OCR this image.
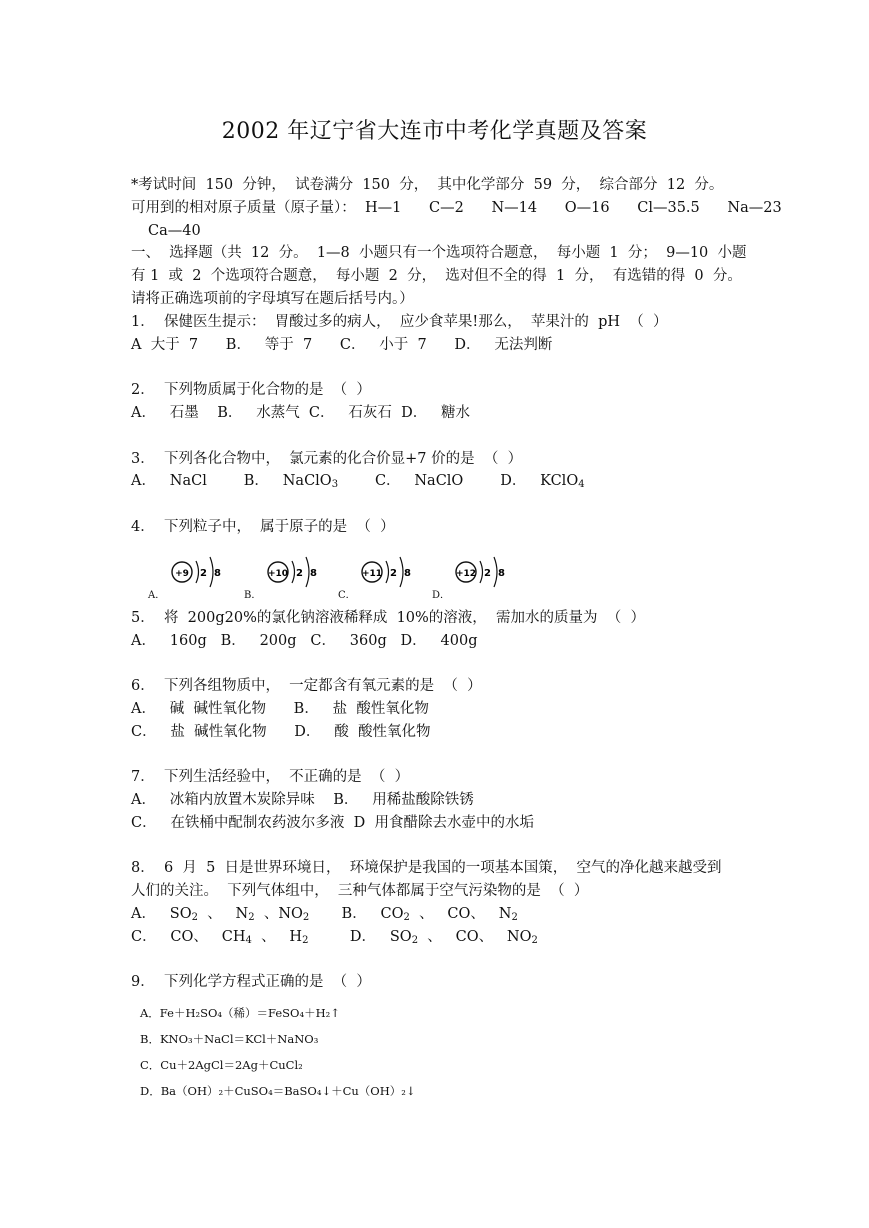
2002 年辽宁省大连市中考化学真题及答案
*考试时间  150  分钟，  试卷满分  150  分，  其中化学部分  59  分，  综合部分  12  分。
可用到的相对原子质量（原子量）：  H—1      C—2      N—14      O—16      Cl—35.5      Na—23
Ca—40
一、  选择题（共  12  分。  1—8  小题只有一个选项符合题意，  每小题  1  分；  9—10  小题
有 1  或  2  个选项符合题意，  每小题  2  分，  选对但不全的得  1  分，  有选错的得  0  分。
请将正确选项前的字母填写在题后括号内。）
1．  保健医生提示：  胃酸过多的病人，  应少食苹果!那么，  苹果汁的  pH  （  ）
A  大于  7      B．   等于  7      C．   小于  7      D．   无法判断
2．  下列物质属于化合物的是  （  ）
A．   石墨    B．   水蒸气  C．   石灰石  D．   糖水
3．  下列各化合物中，  氯元素的化合价显+7 价的是  （  ）
A．   NaCl	B．   NaClO$_3$	C．   NaClO	D．   KClO$_4$
4．  下列粒子中，  属于原子的是  （  ）
A．
+9 2 8
B．
+10 2 8
C．
+11 2 8
D．
+12 2 8
5．  将  200g20%的氯化钠溶液稀释成  10%的溶液，  需加水的质量为  （  ）
A．   160g   B．   200g   C．   360g   D．   400g
6．  下列各组物质中，  一定都含有氧元素的是  （  ）
A．   碱  碱性氧化物      B．   盐  酸性氧化物
C．   盐  碱性氧化物      D．   酸  酸性氧化物
7．  下列生活经验中，  不正确的是  （  ）
A．   冰箱内放置木炭除异味    B．   用稀盐酸除铁锈
C．   在铁桶中配制农药波尔多液  D  用食醋除去水壶中的水垢
8．  6  月  5  日是世界环境日，  环境保护是我国的一项基本国策，  空气的净化越来越受到
人们的关注。  下列气体组中，  三种气体都属于空气污染物的是  （  ）
A．   $SO_2$  、   $N_2$  、$NO_2$ B．   $CO_2$  、   CO、   $N_2$
C．   CO、   $CH_4$  、   $H_2$	D．   $SO_2$  、   CO、   $NO_2$
9．  下列化学方程式正确的是  （  ）
A．Fe＋H₂SO₄（稀）＝FeSO₄＋H₂↑
B．KNO₃＋NaCl＝KCl＋NaNO₃
C．Cu＋2AgCl＝2Ag＋CuCl₂
D．Ba（OH）₂＋CuSO₄＝BaSO₄↓＋Cu（OH）₂↓
